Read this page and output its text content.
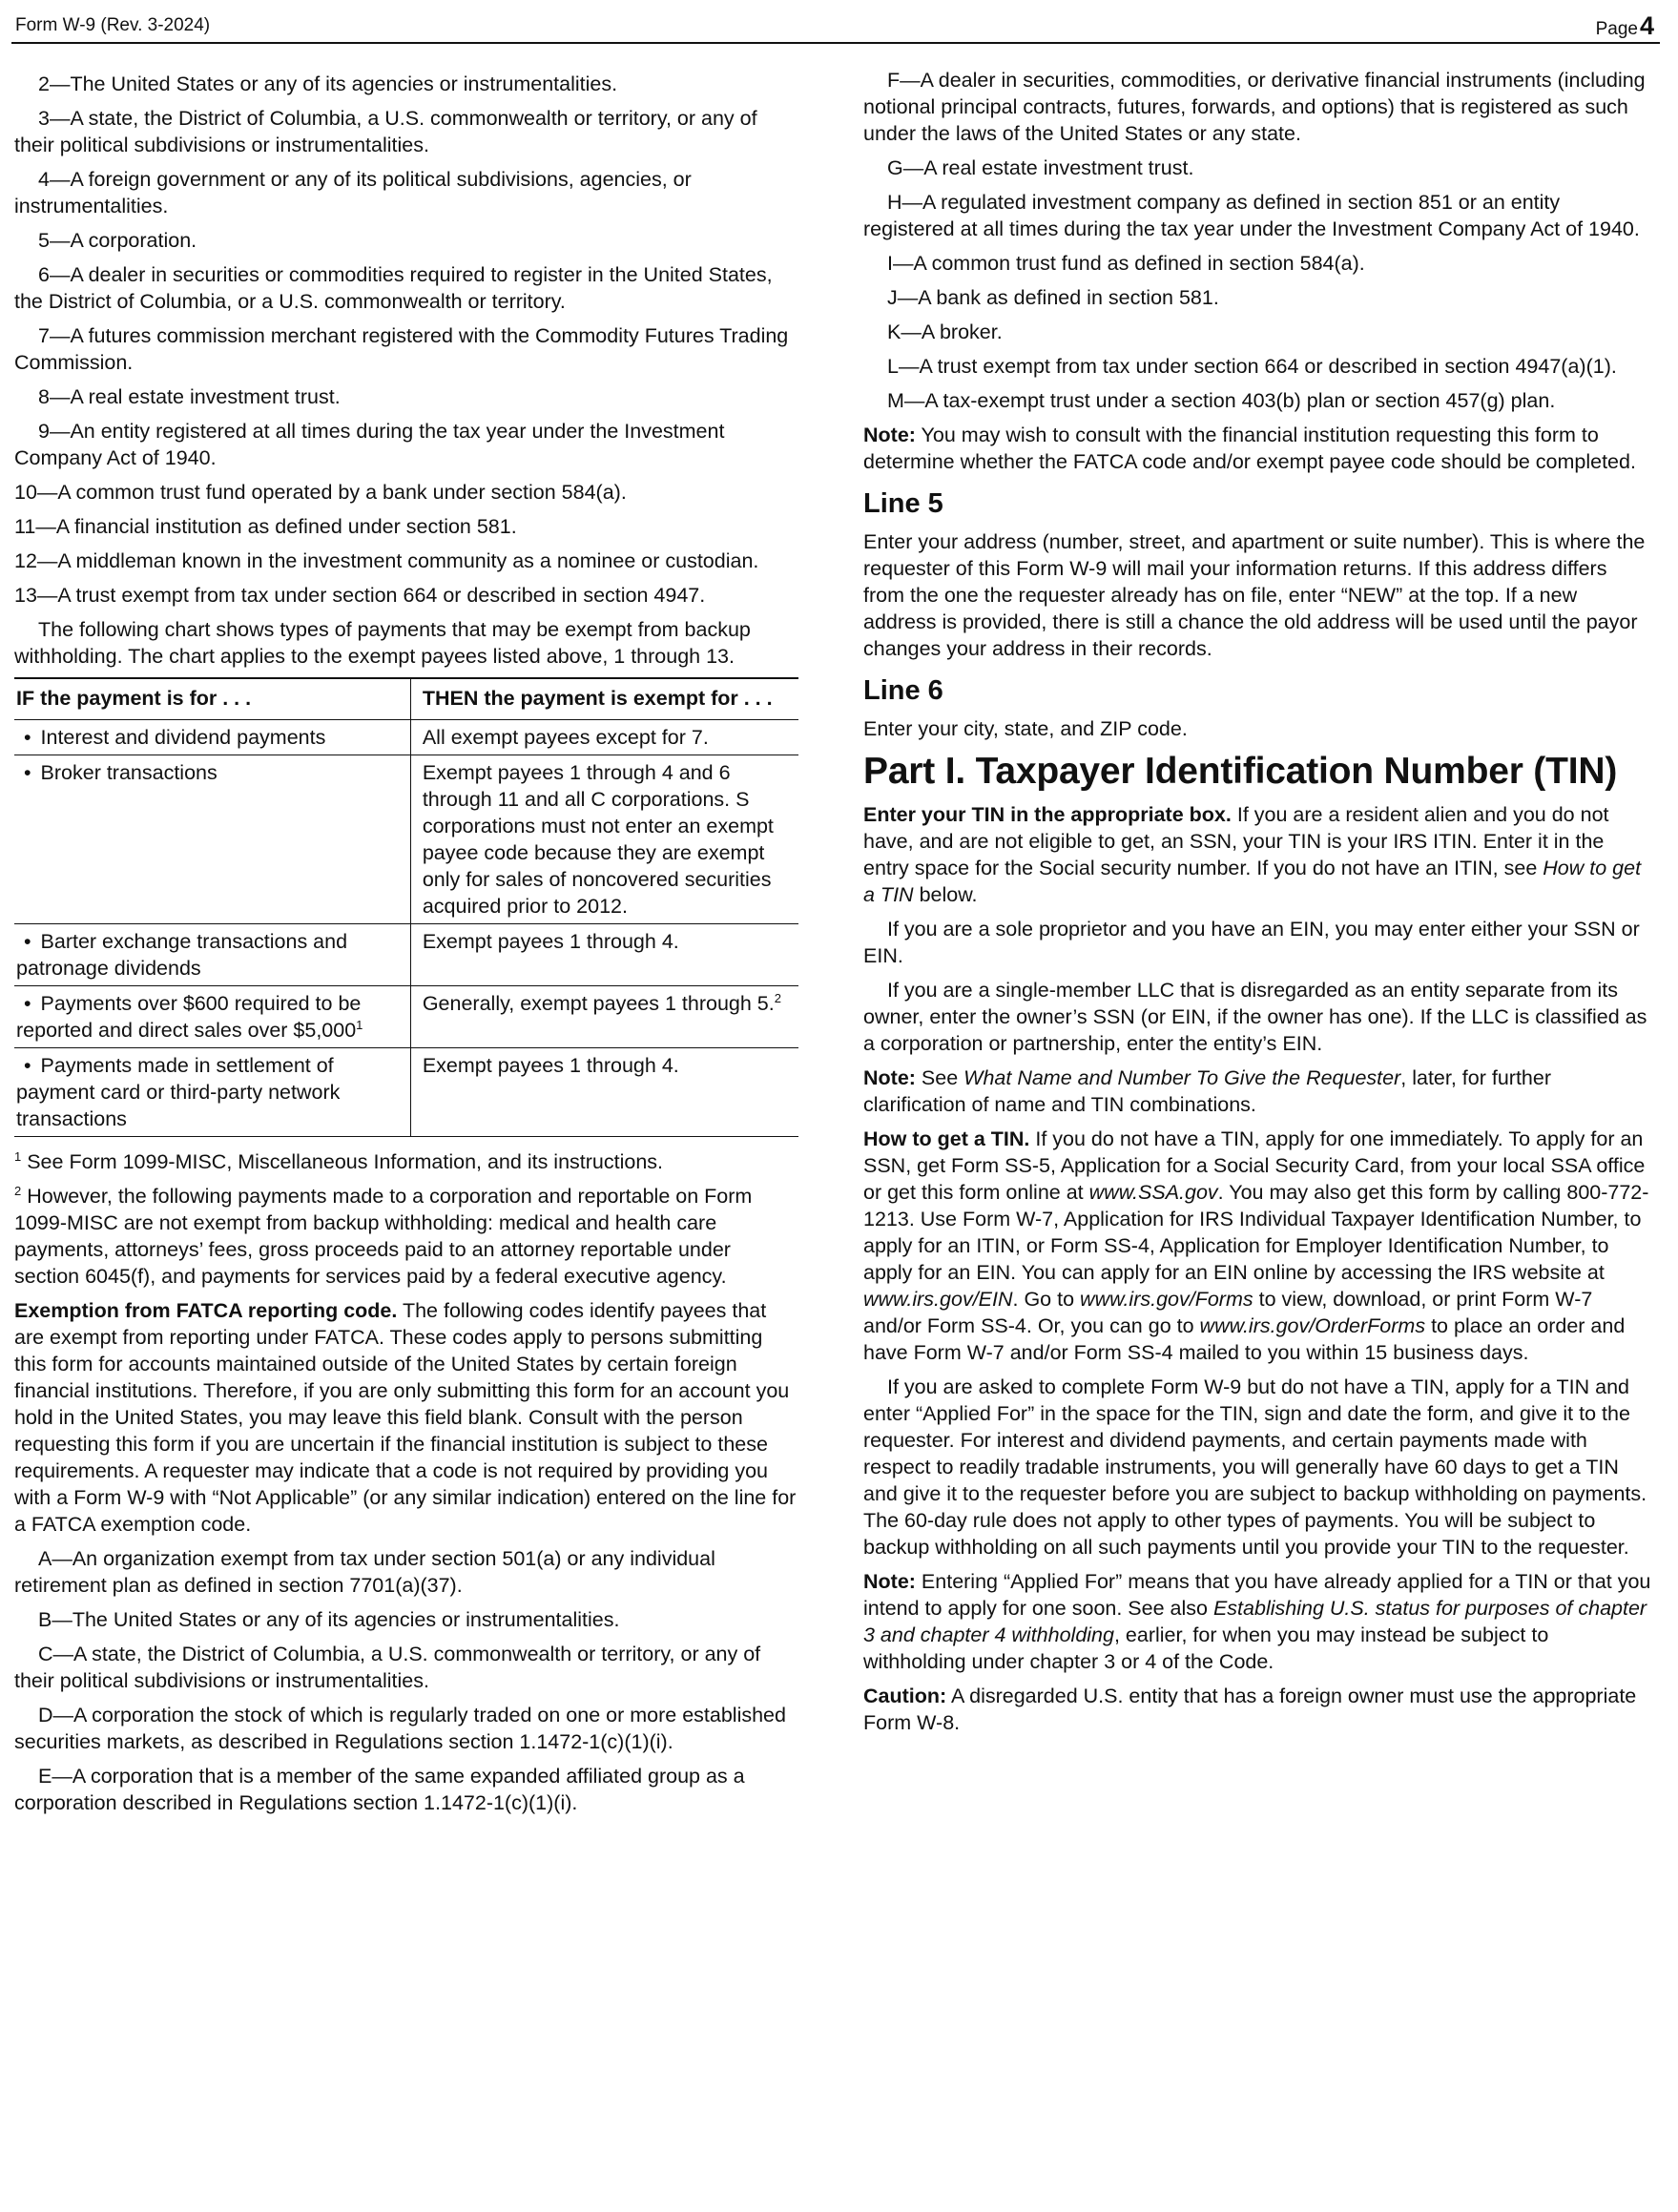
Form W-9 (Rev. 3-2024)	Page4

2—The United States or any of its agencies or instrumentalities.

3—A state, the District of Columbia, a U.S. commonwealth or territory, or any of their political subdivisions or instrumentalities.

4—A foreign government or any of its political subdivisions, agencies, or instrumentalities.

5—A corporation.

6—A dealer in securities or commodities required to register in the United States, the District of Columbia, or a U.S. commonwealth or territory.

7—A futures commission merchant registered with the Commodity Futures Trading Commission.

8—A real estate investment trust.

9—An entity registered at all times during the tax year under the Investment Company Act of 1940.

10—A common trust fund operated by a bank under section 584(a).

11—A financial institution as defined under section 581.

12—A middleman known in the investment community as a nominee or custodian.

13—A trust exempt from tax under section 664 or described in section 4947.

The following chart shows types of payments that may be exempt from backup withholding. The chart applies to the exempt payees listed above, 1 through 13.

IF the payment is for . . .	THEN the payment is exempt for . . .
• Interest and dividend payments	All exempt payees except for 7.
• Broker transactions	Exempt payees 1 through 4 and 6 through 11 and all C corporations. S corporations must not enter an exempt payee code because they are exempt only for sales of noncovered securities acquired prior to 2012.
• Barter exchange transactions and patronage dividends	Exempt payees 1 through 4.
• Payments over $600 required to be reported and direct sales over $5,000$^1$	Generally, exempt payees 1 through 5.$^2$
• Payments made in settlement of payment card or third-party network transactions	Exempt payees 1 through 4.

$^1$ See Form 1099-MISC, Miscellaneous Information, and its instructions.

$^2$ However, the following payments made to a corporation and reportable on Form 1099-MISC are not exempt from backup withholding: medical and health care payments, attorneys’ fees, gross proceeds paid to an attorney reportable under section 6045(f), and payments for services paid by a federal executive agency.

Exemption from FATCA reporting code. The following codes identify payees that are exempt from reporting under FATCA. These codes apply to persons submitting this form for accounts maintained outside of the United States by certain foreign financial institutions. Therefore, if you are only submitting this form for an account you hold in the United States, you may leave this field blank. Consult with the person requesting this form if you are uncertain if the financial institution is subject to these requirements. A requester may indicate that a code is not required by providing you with a Form W-9 with “Not Applicable” (or any similar indication) entered on the line for a FATCA exemption code.

A—An organization exempt from tax under section 501(a) or any individual retirement plan as defined in section 7701(a)(37).

B—The United States or any of its agencies or instrumentalities.

C—A state, the District of Columbia, a U.S. commonwealth or territory, or any of their political subdivisions or instrumentalities.

D—A corporation the stock of which is regularly traded on one or more established securities markets, as described in Regulations section 1.1472-1(c)(1)(i).

E—A corporation that is a member of the same expanded affiliated group as a corporation described in Regulations section 1.1472-1(c)(1)(i).

F—A dealer in securities, commodities, or derivative financial instruments (including notional principal contracts, futures, forwards, and options) that is registered as such under the laws of the United States or any state.

G—A real estate investment trust.

H—A regulated investment company as defined in section 851 or an entity registered at all times during the tax year under the Investment Company Act of 1940.

I—A common trust fund as defined in section 584(a).

J—A bank as defined in section 581.

K—A broker.

L—A trust exempt from tax under section 664 or described in section 4947(a)(1).

M—A tax-exempt trust under a section 403(b) plan or section 457(g) plan.

Note: You may wish to consult with the financial institution requesting this form to determine whether the FATCA code and/or exempt payee code should be completed.

Line 5

Enter your address (number, street, and apartment or suite number). This is where the requester of this Form W-9 will mail your information returns. If this address differs from the one the requester already has on file, enter “NEW” at the top. If a new address is provided, there is still a chance the old address will be used until the payor changes your address in their records.

Line 6

Enter your city, state, and ZIP code.

Part I. Taxpayer Identification Number (TIN)

Enter your TIN in the appropriate box. If you are a resident alien and you do not have, and are not eligible to get, an SSN, your TIN is your IRS ITIN. Enter it in the entry space for the Social security number. If you do not have an ITIN, see How to get a TIN below.

If you are a sole proprietor and you have an EIN, you may enter either your SSN or EIN.

If you are a single-member LLC that is disregarded as an entity separate from its owner, enter the owner’s SSN (or EIN, if the owner has one). If the LLC is classified as a corporation or partnership, enter the entity’s EIN.

Note: See What Name and Number To Give the Requester, later, for further clarification of name and TIN combinations.

How to get a TIN. If you do not have a TIN, apply for one immediately. To apply for an SSN, get Form SS-5, Application for a Social Security Card, from your local SSA office or get this form online at www.SSA.gov. You may also get this form by calling 800-772-1213. Use Form W-7, Application for IRS Individual Taxpayer Identification Number, to apply for an ITIN, or Form SS-4, Application for Employer Identification Number, to apply for an EIN. You can apply for an EIN online by accessing the IRS website at www.irs.gov/EIN. Go to www.irs.gov/Forms to view, download, or print Form W-7 and/or Form SS-4. Or, you can go to www.irs.gov/OrderForms to place an order and have Form W-7 and/or Form SS-4 mailed to you within 15 business days.

If you are asked to complete Form W-9 but do not have a TIN, apply for a TIN and enter “Applied For” in the space for the TIN, sign and date the form, and give it to the requester. For interest and dividend payments, and certain payments made with respect to readily tradable instruments, you will generally have 60 days to get a TIN and give it to the requester before you are subject to backup withholding on payments. The 60-day rule does not apply to other types of payments. You will be subject to backup withholding on all such payments until you provide your TIN to the requester.

Note: Entering “Applied For” means that you have already applied for a TIN or that you intend to apply for one soon. See also Establishing U.S. status for purposes of chapter 3 and chapter 4 withholding, earlier, for when you may instead be subject to withholding under chapter 3 or 4 of the Code.

Caution: A disregarded U.S. entity that has a foreign owner must use the appropriate Form W-8.
